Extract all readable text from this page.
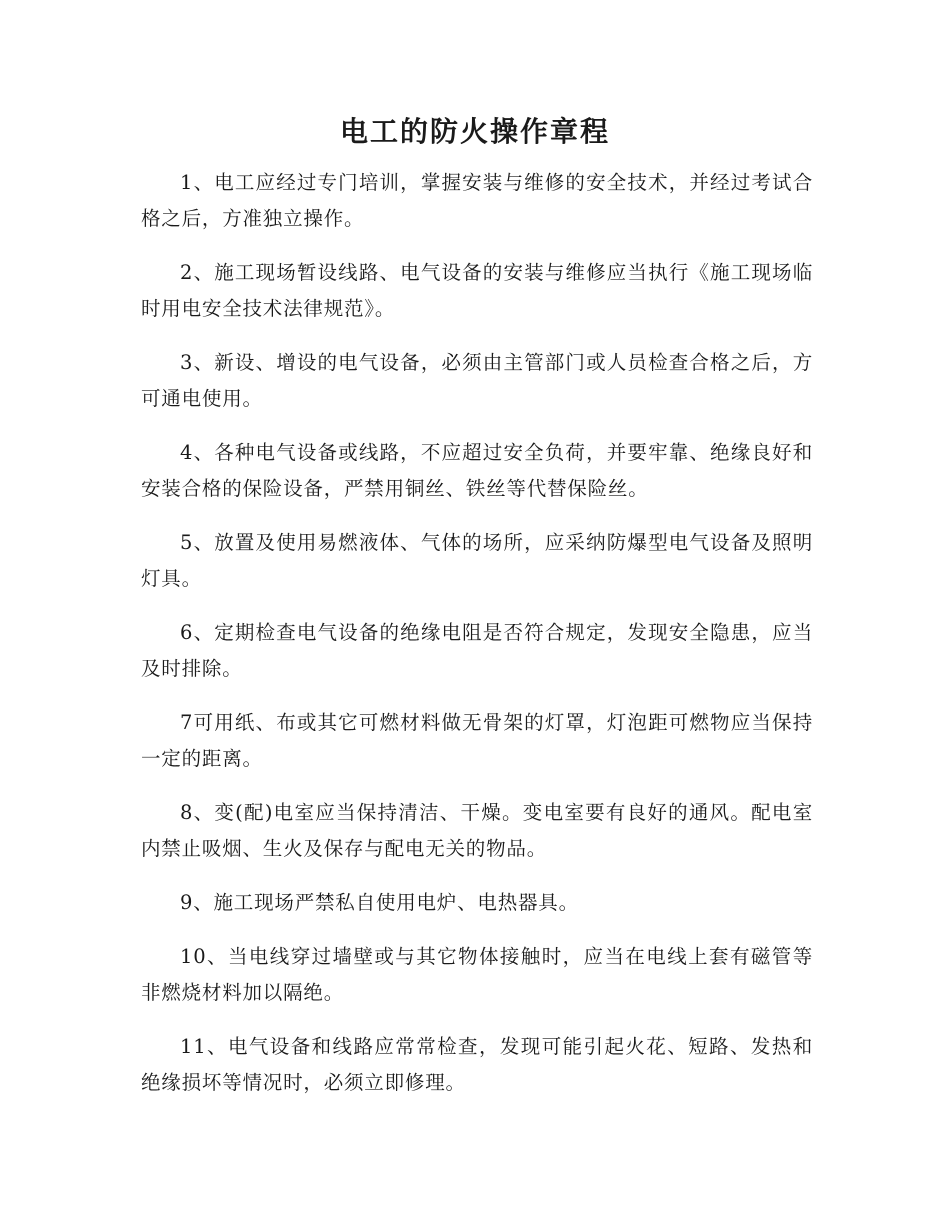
电工的防火操作章程

1、电工应经过专门培训，掌握安装与维修的安全技术，并经过考试合格之后，方准独立操作。

2、施工现场暂设线路、电气设备的安装与维修应当执行《施工现场临时用电安全技术法律规范》。

3、新设、增设的电气设备，必须由主管部门或人员检查合格之后，方可通电使用。

4、各种电气设备或线路，不应超过安全负荷，并要牢靠、绝缘良好和安装合格的保险设备，严禁用铜丝、铁丝等代替保险丝。

5、放置及使用易燃液体、气体的场所，应采纳防爆型电气设备及照明灯具。

6、定期检查电气设备的绝缘电阻是否符合规定，发现安全隐患，应当及时排除。

7可用纸、布或其它可燃材料做无骨架的灯罩，灯泡距可燃物应当保持一定的距离。

8、变(配)电室应当保持清洁、干燥。变电室要有良好的通风。配电室内禁止吸烟、生火及保存与配电无关的物品。

9、施工现场严禁私自使用电炉、电热器具。

10、当电线穿过墙壁或与其它物体接触时，应当在电线上套有磁管等非燃烧材料加以隔绝。

11、电气设备和线路应常常检查，发现可能引起火花、短路、发热和绝缘损坏等情况时，必须立即修理。
